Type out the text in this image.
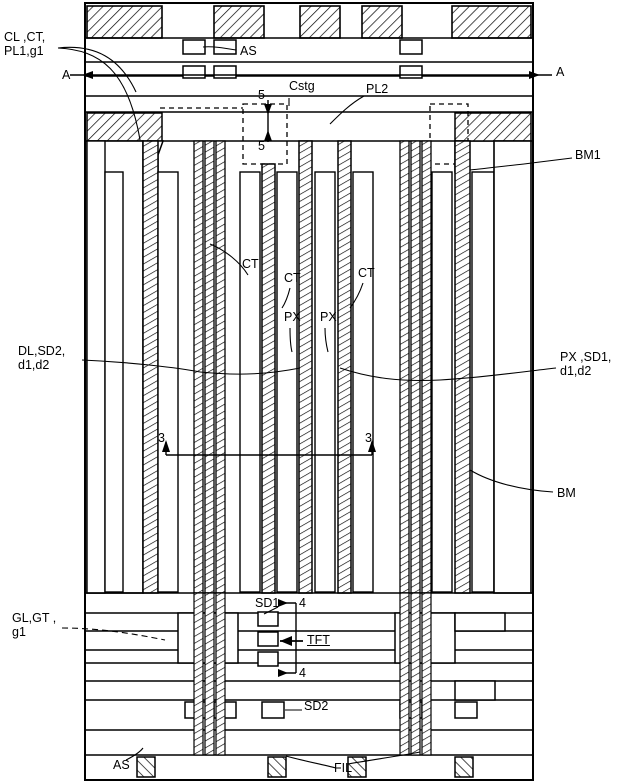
CL ,CT,
PL1,g1
A
DL,SD2,
d1,d2
GL,GT ,
g1
AS
A
BM1
PX ,SD1,
d1,d2
BM
AS
Cstg	PL2
5
5
CT
CT	CT
PX PX
3	3
SD1 4
TFT
4
SD2
FIL
